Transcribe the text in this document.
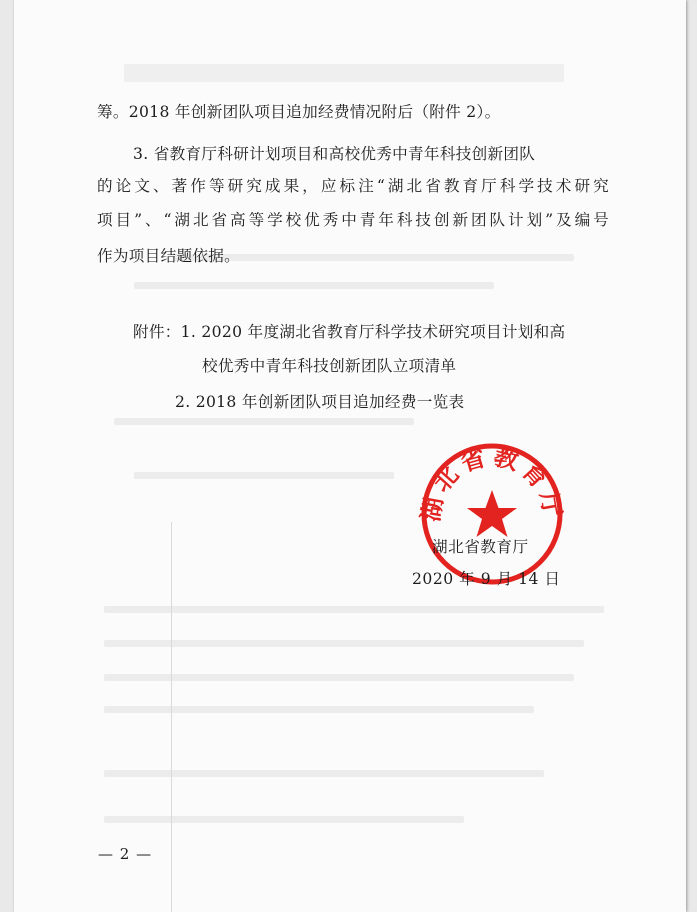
筹。2018 年创新团队项目追加经费情况附后（附件 2）。
3. 省教育厅科研计划项目和高校优秀中青年科技创新团队
的论文、著作等研究成果，应标注“湖北省教育厅科学技术研究
项目”、“湖北省高等学校优秀中青年科技创新团队计划”及编号
作为项目结题依据。
附件：1. 2020 年度湖北省教育厅科学技术研究项目计划和高
校优秀中青年科技创新团队立项清单
2. 2018 年创新团队项目追加经费一览表
湖北省教育厅
湖北省教育厅
2020 年 9 月 14 日
— 2 —
